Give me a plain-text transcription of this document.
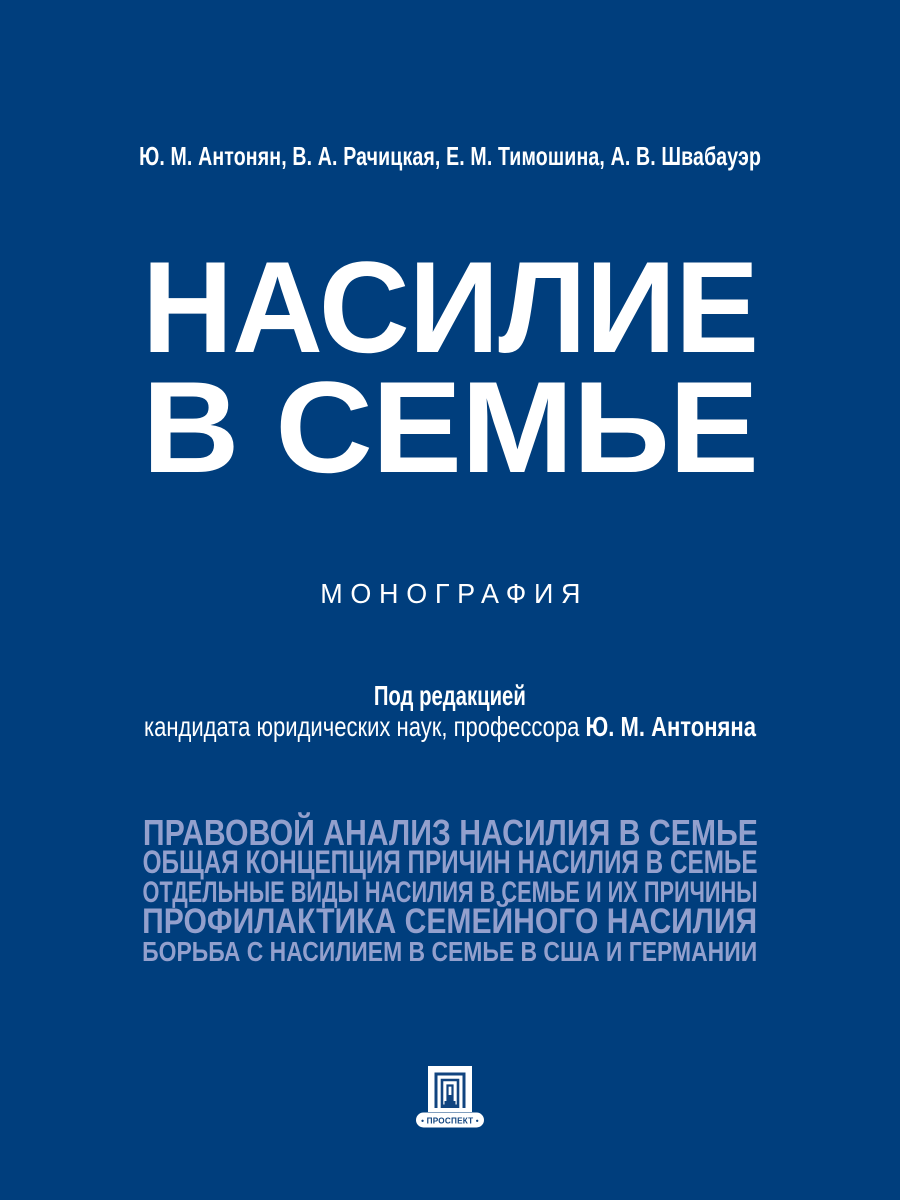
Ю. М. Антонян, В. А. Рачицкая, Е. М. Тимошина, А. В. Швабауэр
НАСИЛИЕ
В СЕМЬЕ
МОНОГРАФИЯ
Под редакцией
кандидата юридических наук, профессора Ю. М. Антоняна
ПРАВОВОЙ АНАЛИЗ НАСИЛИЯ В СЕМЬЕ
ОБЩАЯ КОНЦЕПЦИЯ ПРИЧИН НАСИЛИЯ В СЕМЬЕ
ОТДЕЛЬНЫЕ ВИДЫ НАСИЛИЯ В СЕМЬЕ И ИХ ПРИЧИНЫ
ПРОФИЛАКТИКА СЕМЕЙНОГО НАСИЛИЯ
БОРЬБА С НАСИЛИЕМ В СЕМЬЕ В США И ГЕРМАНИИ
• ПРОСПЕКТ •
